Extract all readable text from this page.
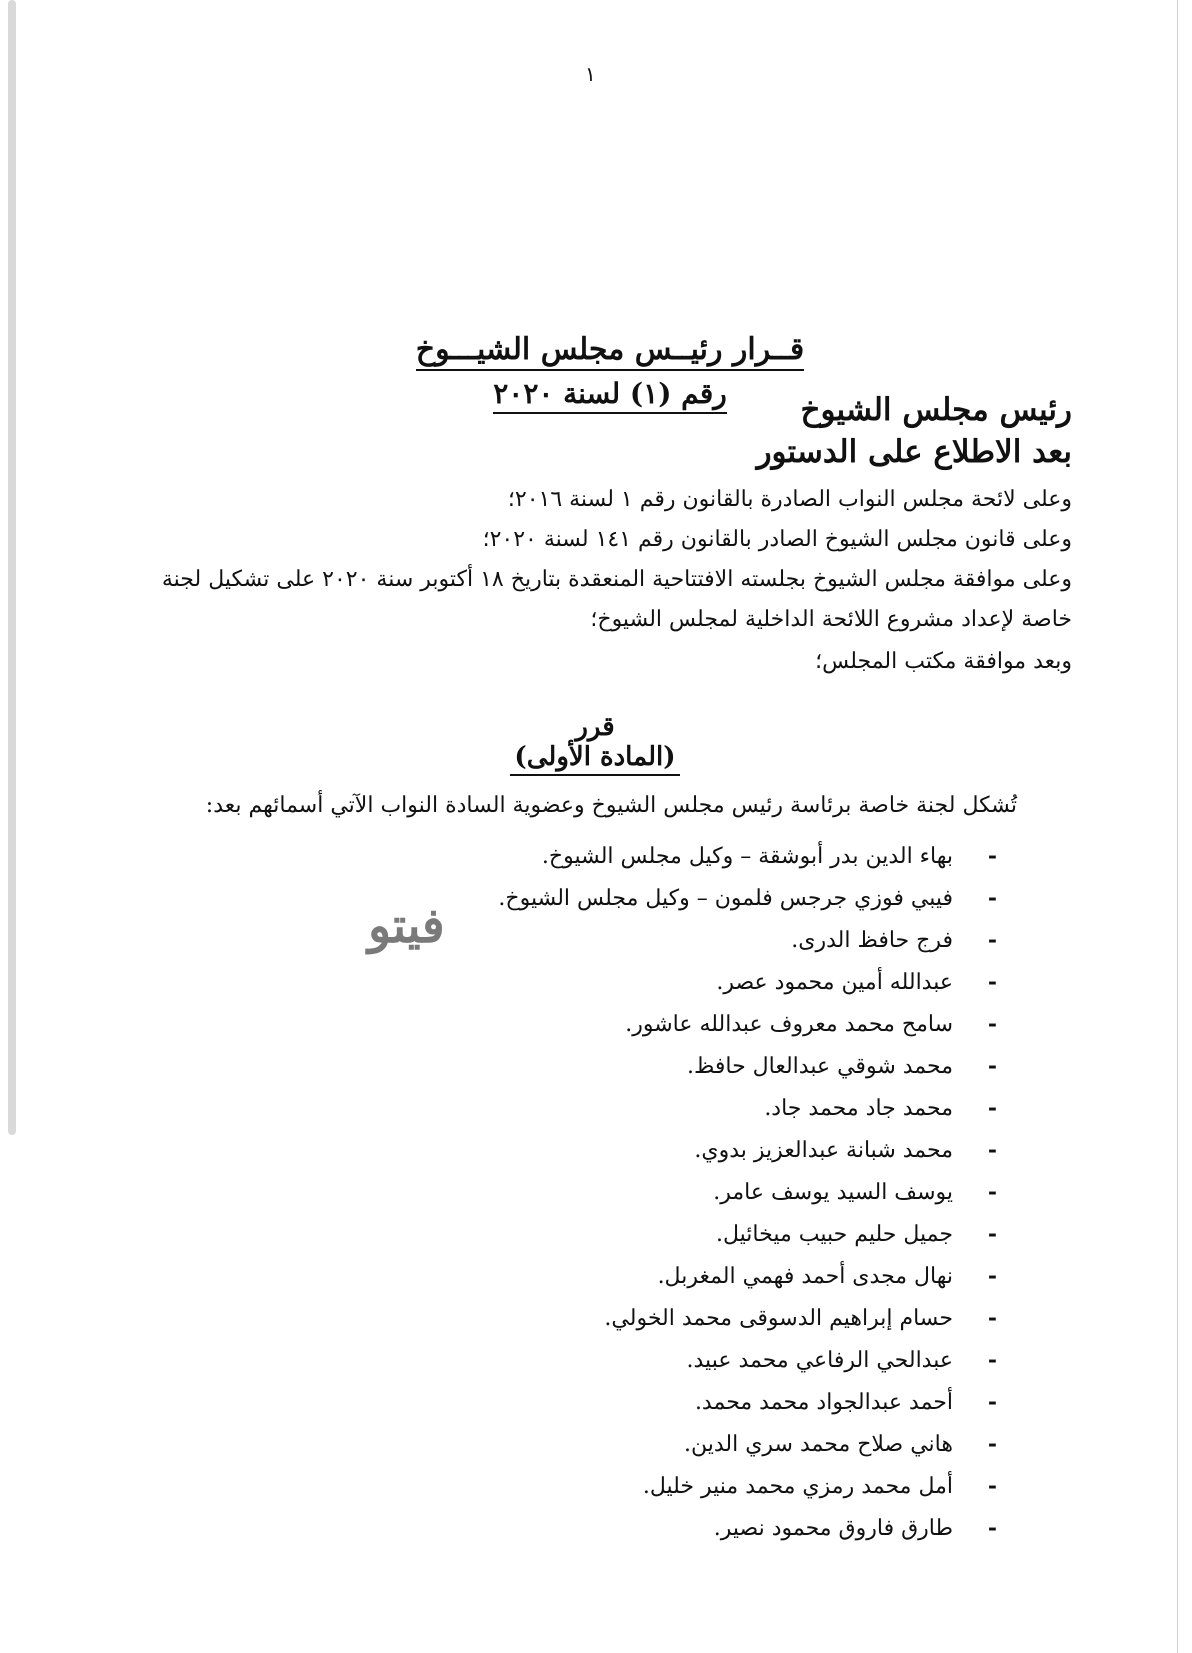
١
قــرار رئيــس مجلس الشيـــوخ
رقم (١) لسنة ٢٠٢٠	رئيس مجلس الشيوخ
بعد الاطلاع على الدستور
وعلى لائحة مجلس النواب الصادرة بالقانون رقم ١ لسنة ٢٠١٦؛
وعلى قانون مجلس الشيوخ الصادر بالقانون رقم ١٤١ لسنة ٢٠٢٠؛
وعلى موافقة مجلس الشيوخ بجلسته الافتتاحية المنعقدة بتاريخ ١٨ أكتوبر سنة ٢٠٢٠ على تشكيل لجنة خاصة لإعداد مشروع اللائحة الداخلية لمجلس الشيوخ؛
وبعد موافقة مكتب المجلس؛
قرر
(المادة الأولى)
تُشكل لجنة خاصة برئاسة رئيس مجلس الشيوخ وعضوية السادة النواب الآتي أسمائهم بعد:
-بهاء الدين بدر أبوشقة – وكيل مجلس الشيوخ.
-فيبي فوزي جرجس فلمون – وكيل مجلس الشيوخ.
-فرج حافظ الدرى.
-عبدالله أمين محمود عصر.
-سامح محمد معروف عبدالله عاشور.
-محمد شوقي عبدالعال حافظ.
-محمد جاد محمد جاد.
-محمد شبانة عبدالعزيز بدوي.
-يوسف السيد يوسف عامر.
-جميل حليم حبيب ميخائيل.
-نهال مجدى أحمد فهمي المغربل.
-حسام إبراهيم الدسوقى محمد الخولي.
-عبدالحي الرفاعي محمد عبيد.
-أحمد عبدالجواد محمد محمد.
-هاني صلاح محمد سري الدين.
-أمل محمد رمزي محمد منير خليل.
-طارق فاروق محمود نصير.
فيتو
